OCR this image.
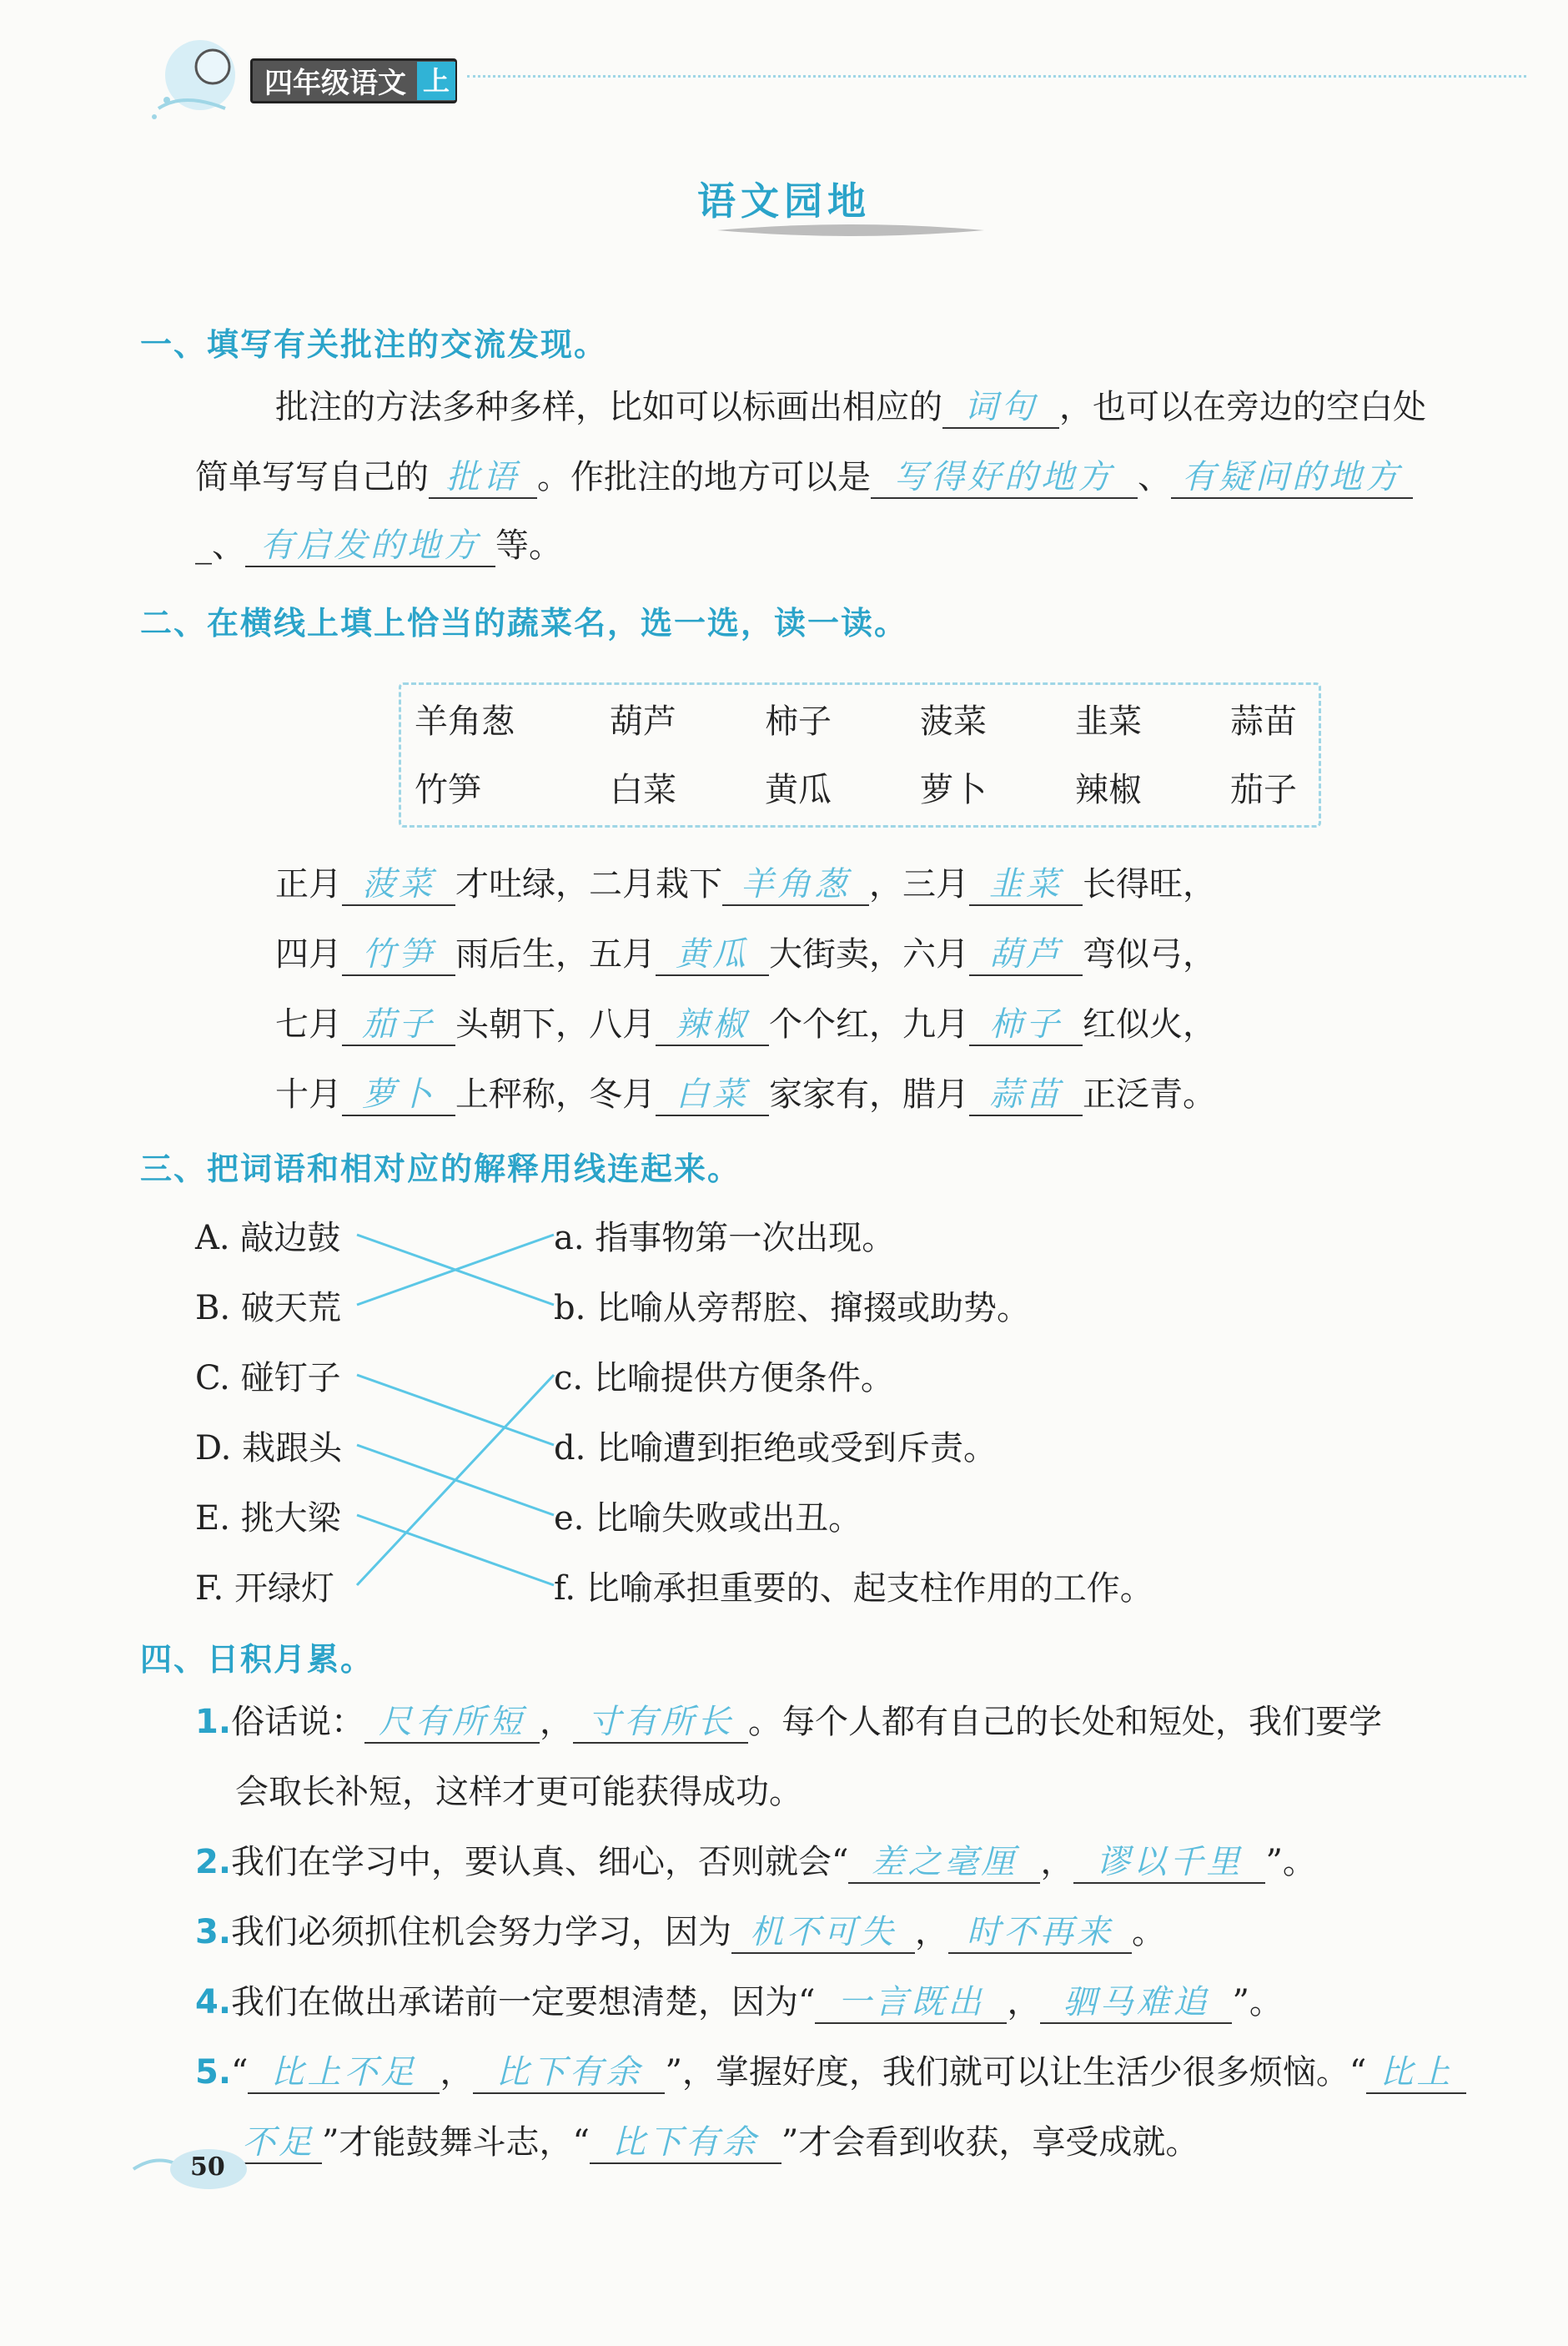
四年级语文 上
语文园地
一、填写有关批注的交流发现。
批注的方法多种多样，比如可以标画出相应的 词句 ，也可以在旁边的空白处
简单写写自己的 批语 。作批注的地方可以是 写得好的地方 、 有疑问的地方
_、 有启发的地方 等。
二、在横线上填上恰当的蔬菜名，选一选，读一读。
羊角葱	葫芦	柿子	菠菜	韭菜	蒜苗
竹笋	白菜	黄瓜	萝卜	辣椒	茄子
正月 菠菜 才吐绿，二月栽下 羊角葱 ，三月 韭菜 长得旺，
四月 竹笋 雨后生，五月 黄瓜 大街卖，六月 葫芦 弯似弓，
七月 茄子 头朝下，八月 辣椒 个个红，九月 柿子 红似火，
十月 萝卜 上秤称，冬月 白菜 家家有，腊月 蒜苗 正泛青。
三、把词语和相对应的解释用线连起来。
A. 敲边鼓
B. 破天荒
C. 碰钉子
D. 栽跟头
E. 挑大梁
F. 开绿灯
a. 指事物第一次出现。
b. 比喻从旁帮腔、撺掇或助势。
c. 比喻提供方便条件。
d. 比喻遭到拒绝或受到斥责。
e. 比喻失败或出丑。
f. 比喻承担重要的、起支柱作用的工作。
四、日积月累。
1.俗话说： 尺有所短 ， 寸有所长 。每个人都有自己的长处和短处，我们要学
会取长补短，这样才更可能获得成功。
2.我们在学习中，要认真、细心，否则就会“ 差之毫厘 ， 谬以千里 ”。
3.我们必须抓住机会努力学习，因为 机不可失 ， 时不再来 。
4.我们在做出承诺前一定要想清楚，因为“ 一言既出 ， 驷马难追 ”。
5.“ 比上不足 ， 比下有余 ”，掌握好度，我们就可以让生活少很多烦恼。“ 比上
不足 ”才能鼓舞斗志，“ 比下有余 ”才会看到收获，享受成就。
50
